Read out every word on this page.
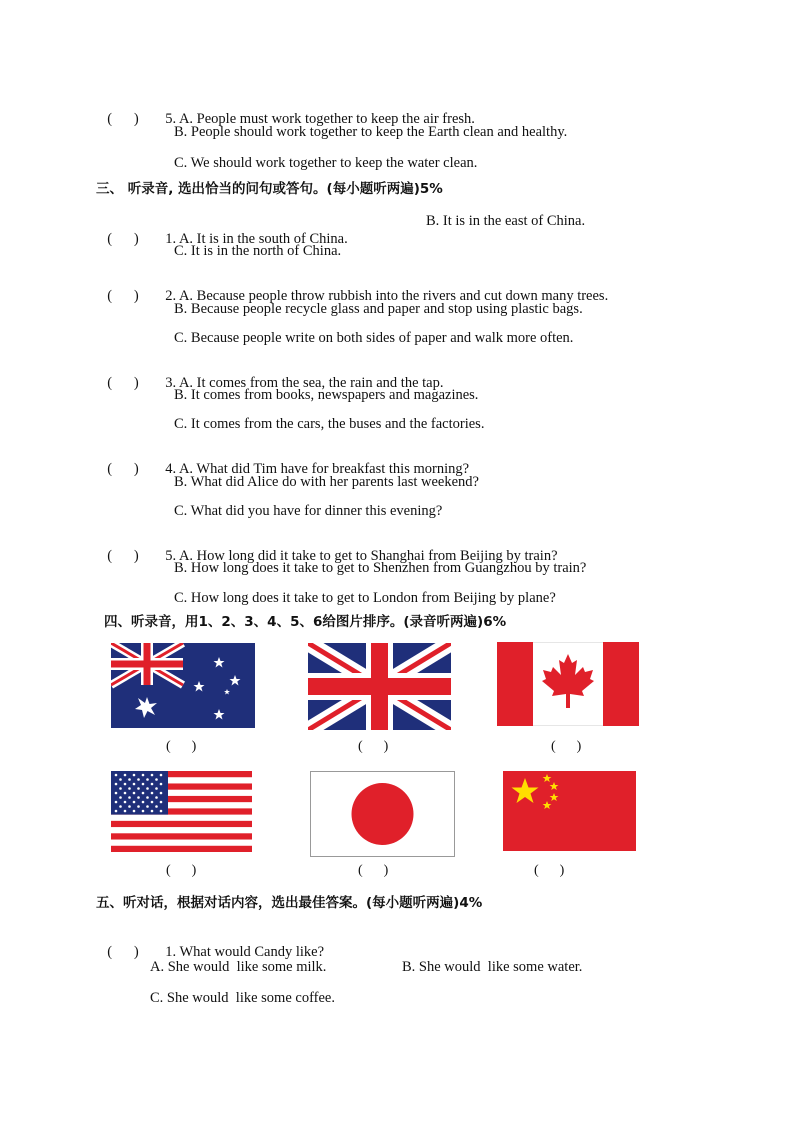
(      ) 5. A. People must work together to keep the air fresh.

B. People should work together to keep the Earth clean and healthy.
C. We should work together to keep the water clean.
三、 听录音, 选出恰当的问句或答句。(每小题听两遍)5%

(      ) 1. A. It is in the south of China.

B. It is in the east of China.
C. It is in the north of China.

(      ) 2. A. Because people throw rubbish into the rivers and cut down many trees.

B. Because people recycle glass and paper and stop using plastic bags.
C. Because people write on both sides of paper and walk more often.

(      ) 3. A. It comes from the sea, the rain and the tap.

B. It comes from books, newspapers and magazines.
C. It comes from the cars, the buses and the factories.

(      ) 4. A. What did Tim have for breakfast this morning?

B. What did Alice do with her parents last weekend?
C. What did you have for dinner this evening?

(      ) 5. A. How long did it take to get to Shanghai from Beijing by train?

B. How long does it take to get to Shenzhen from Guangzhou by train?
C. How long does it take to get to London from Beijing by plane?
四、听录音，用1、2、3、4、5、6给图片排序。(录音听两遍)6%
(      )	(      )	(      )
(      )	(      )	(      )
五、听对话，根据对话内容，选出最佳答案。(每小题听两遍)4%

(      ) 1. What would Candy like?

A. She would  like some milk.	B. She would  like some water.
C. She would  like some coffee.
